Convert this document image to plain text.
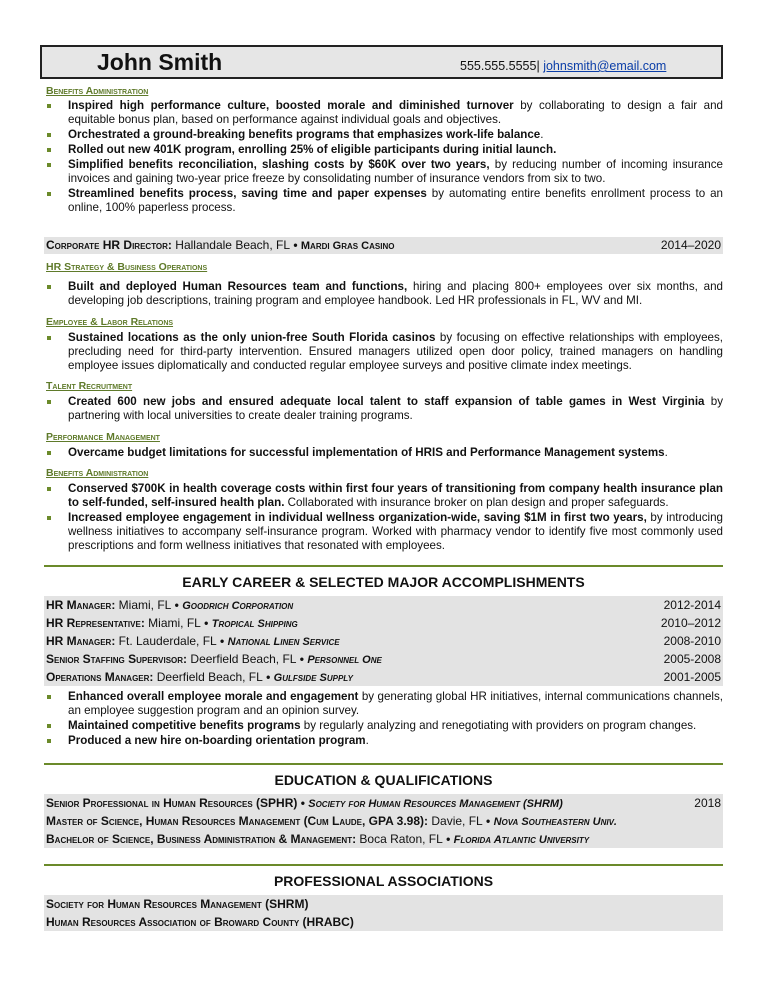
John Smith	555.555.5555| johnsmith@email.com
Benefits Administration
Inspired high performance culture, boosted morale and diminished turnover by collaborating to design a fair and equitable bonus plan, based on performance against individual goals and objectives.
Orchestrated a ground-breaking benefits programs that emphasizes work-life balance.
Rolled out new 401K program, enrolling 25% of eligible participants during initial launch.
Simplified benefits reconciliation, slashing costs by $60K over two years, by reducing number of incoming insurance invoices and gaining two-year price freeze by consolidating number of insurance vendors from six to two.
Streamlined benefits process, saving time and paper expenses by automating entire benefits enrollment process to an online, 100% paperless process.
Corporate HR Director: Hallandale Beach, FL • Mardi Gras Casino	2014–2020
HR Strategy & Business Operations
Built and deployed Human Resources team and functions, hiring and placing 800+ employees over six months, and developing job descriptions, training program and employee handbook. Led HR professionals in FL, WV and MI.
Employee & Labor Relations
Sustained locations as the only union-free South Florida casinos by focusing on effective relationships with employees, precluding need for third-party intervention. Ensured managers utilized open door policy, trained managers on handling employee issues diplomatically and conducted regular employee surveys and positive climate index meetings.
Talent Recruitment
Created 600 new jobs and ensured adequate local talent to staff expansion of table games in West Virginia by partnering with local universities to create dealer training programs.
Performance Management
Overcame budget limitations for successful implementation of HRIS and Performance Management systems.
Benefits Administration
Conserved $700K in health coverage costs within first four years of transitioning from company health insurance plan to self-funded, self-insured health plan. Collaborated with insurance broker on plan design and proper safeguards.
Increased employee engagement in individual wellness organization-wide, saving $1M in first two years, by introducing wellness initiatives to accompany self-insurance program. Worked with pharmacy vendor to identify five most commonly used prescriptions and form wellness initiatives that resonated with employees.
EARLY CAREER & SELECTED MAJOR ACCOMPLISHMENTS
HR Manager: Miami, FL • Goodrich Corporation	2012-2014
HR Representative: Miami, FL • Tropical Shipping	2010–2012
HR Manager: Ft. Lauderdale, FL • National Linen Service	2008-2010
Senior Staffing Supervisor: Deerfield Beach, FL • Personnel One	2005-2008
Operations Manager: Deerfield Beach, FL • Gulfside Supply	2001-2005
Enhanced overall employee morale and engagement by generating global HR initiatives, internal communications channels, an employee suggestion program and an opinion survey.
Maintained competitive benefits programs by regularly analyzing and renegotiating with providers on program changes.
Produced a new hire on-boarding orientation program.
EDUCATION & QUALIFICATIONS
Senior Professional in Human Resources (SPHR) • Society for Human Resources Management (SHRM)	2018
Master of Science, Human Resources Management (Cum Laude, GPA 3.98): Davie, FL • Nova Southeastern Univ.
Bachelor of Science, Business Administration & Management: Boca Raton, FL • Florida Atlantic University
PROFESSIONAL ASSOCIATIONS
Society for Human Resources Management (SHRM)
Human Resources Association of Broward County (HRABC)
